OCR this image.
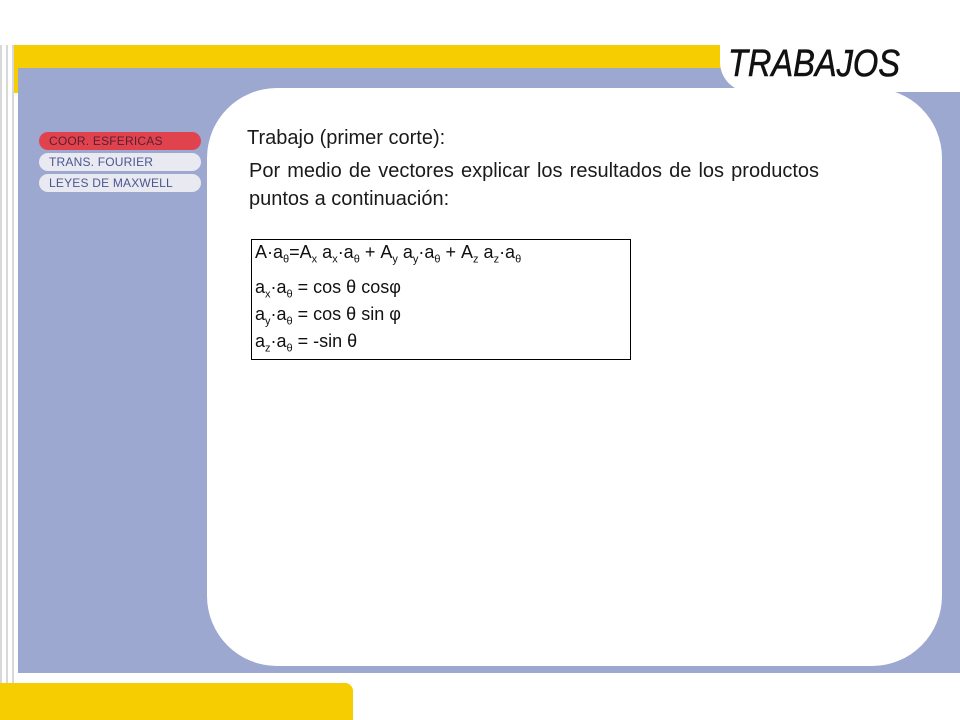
TRABAJOS
COOR. ESFERICAS
TRANS. FOURIER
LEYES DE MAXWELL
Trabajo (primer corte):
Por medio de vectores explicar los resultados de los productos puntos a continuación:
$A\cdot a_\theta=A_x$ $a_x\cdot a_\theta + A_y$ $a_y\cdot a_\theta + A_z$ $a_z\cdot a_\theta$
$a_x\cdot a_\theta = \cos \theta$ cosφ
$a_y\cdot a_\theta = \cos \theta$ sin φ
$a_z\cdot a_\theta = -\sin$ θ
